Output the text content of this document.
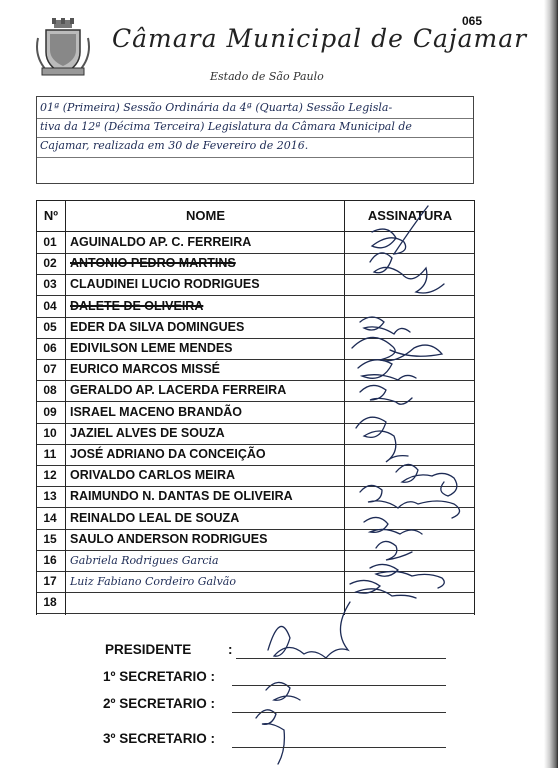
065
Câmara Municipal de Cajamar
Estado de São Paulo
01ª (Primeira) Sessão Ordinária da 4ª (Quarta) Sessão Legisla-
tiva da 12ª (Décima Terceira) Legislatura da Câmara Municipal de
Cajamar, realizada em 30 de Fevereiro de 2016.
Nº	NOME	ASSINATURA
01	AGUINALDO AP. C. FERREIRA
02	ANTONIO PEDRO MARTINS
03	CLAUDINEI LUCIO RODRIGUES
04	DALETE DE OLIVEIRA
05	EDER DA SILVA DOMINGUES
06	EDIVILSON LEME MENDES
07	EURICO MARCOS MISSÉ
08	GERALDO AP. LACERDA FERREIRA
09	ISRAEL MACENO BRANDÃO
10	JAZIEL ALVES DE SOUZA
11	JOSÉ ADRIANO DA CONCEIÇÃO
12	ORIVALDO CARLOS MEIRA
13	RAIMUNDO N. DANTAS DE OLIVEIRA
14	REINALDO LEAL DE SOUZA
15	SAULO ANDERSON RODRIGUES
16	Gabriela Rodrigues Garcia
17	Luiz Fabiano Cordeiro Galvão
18
PRESIDENTE	:
1º SECRETARIO :
2º SECRETARIO :
3º SECRETARIO :
